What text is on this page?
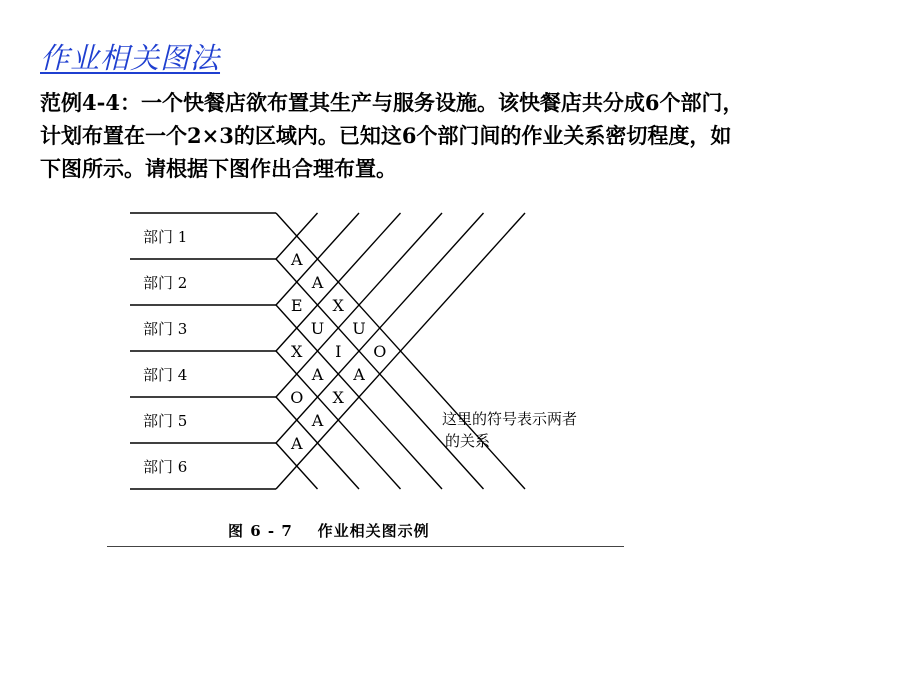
作业相关图法
范例4-4：一个快餐店欲布置其生产与服务设施。该快餐店共分成6个部门，
计划布置在一个2×3的区域内。已知这6个部门间的作业关系密切程度，如
下图所示。请根据下图作出合理布置。
部门 1
部门 2
部门 3
部门 4
部门 5
部门 6
A
A
X
U
O
E
U
I
A
X
A
X
O
A
A
这里的符号表示两者
的关系
图 6 - 7    作业相关图示例
